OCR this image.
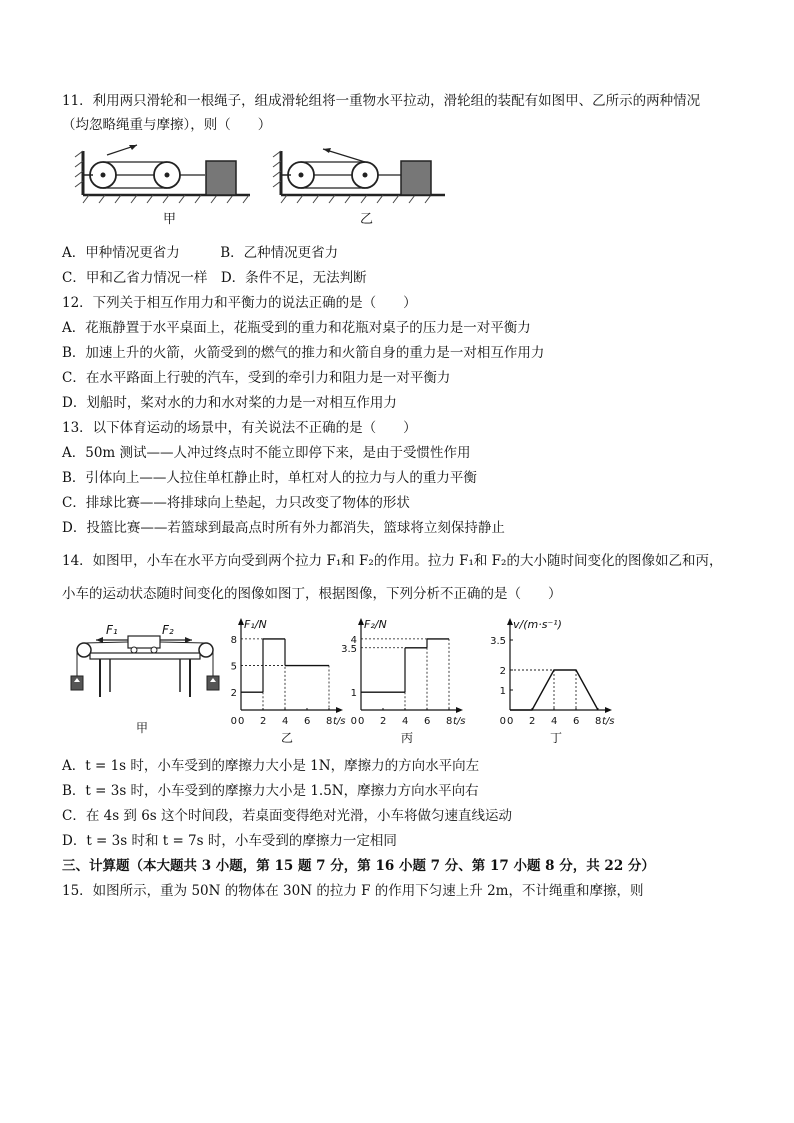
11．利用两只滑轮和一根绳子，组成滑轮组将一重物水平拉动，滑轮组的装配有如图甲、乙所示的两种情况
（均忽略绳重与摩擦），则（　　）
甲	乙
A．甲种情况更省力　　　B．乙种情况更省力
C．甲和乙省力情况一样　D．条件不足，无法判断
12．下列关于相互作用力和平衡力的说法正确的是（　　）
A．花瓶静置于水平桌面上，花瓶受到的重力和花瓶对桌子的压力是一对平衡力
B．加速上升的火箭，火箭受到的燃气的推力和火箭自身的重力是一对相互作用力
C．在水平路面上行驶的汽车，受到的牵引力和阻力是一对平衡力
D．划船时，桨对水的力和水对桨的力是一对相互作用力
13．以下体育运动的场景中，有关说法不正确的是（　　）
A．50m 测试——人冲过终点时不能立即停下来，是由于受惯性作用
B．引体向上——人拉住单杠静止时，单杠对人的拉力与人的重力平衡
C．排球比赛——将排球向上垫起，力只改变了物体的形状
D．投篮比赛——若篮球到最高点时所有外力都消失，篮球将立刻保持静止
14．如图甲，小车在水平方向受到两个拉力 F₁和 F₂的作用。拉力 F₁和 F₂的大小随时间变化的图像如乙和丙，
小车的运动状态随时间变化的图像如图丁，根据图像，下列分析不正确的是（　　）
F₁	F₂
甲
F₁/N
t/s
0 2 4 6 8
2
5
8
0
乙
F₂/N
t/s
0 2 4 6 8
1
3.5
4
0
丙
v/(m·s⁻¹)
t/s
0 2 4 6 8
1
2
3.5
0
丁
A．t = 1s 时，小车受到的摩擦力大小是 1N，摩擦力的方向水平向左
B．t = 3s 时，小车受到的摩擦力大小是 1.5N，摩擦力方向水平向右
C．在 4s 到 6s 这个时间段，若桌面变得绝对光滑，小车将做匀速直线运动
D．t = 3s 时和 t = 7s 时，小车受到的摩擦力一定相同
三、计算题（本大题共 3 小题，第 15 题 7 分，第 16 小题 7 分、第 17 小题 8 分，共 22 分）
15．如图所示，重为 50N 的物体在 30N 的拉力 F 的作用下匀速上升 2m，不计绳重和摩擦，则
